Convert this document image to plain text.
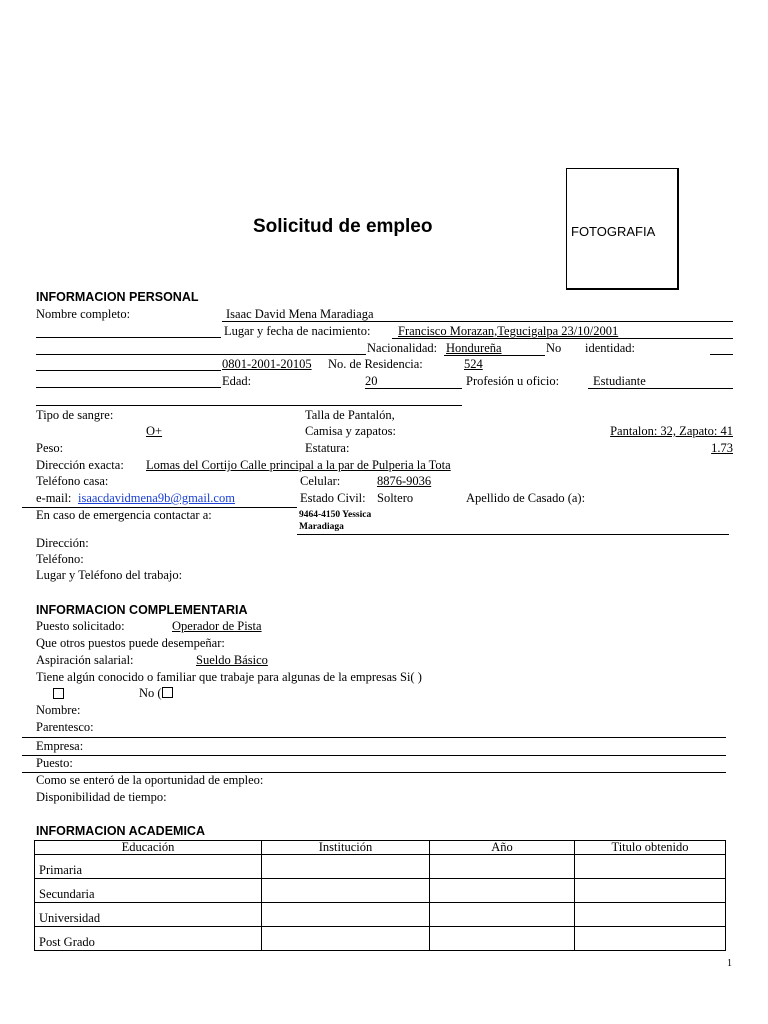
Solicitud de empleo	FOTOGRAFIA
INFORMACION PERSONAL
Nombre completo:	Isaac David Mena Maradiaga
Lugar y fecha de nacimiento: Francisco Morazan,Tegucigalpa 23/10/2001
Nacionalidad: Hondureña	No identidad:
0801-2001-20105 No. de Residencia:	524
Edad:	20	Profesión u oficio:	Estudiante
Tipo de sangre:	Talla de Pantalón,
O+	Camisa y zapatos:	Pantalon: 32, Zapato: 41
Peso:	Estatura:	1.73
Dirección exacta: Lomas del Cortijo Calle principal a la par de Pulperia la Tota
Teléfono casa:	Celular:	8876-9036
e-mail: isaacdavidmena9b@gmail.com	Estado Civil: Soltero	Apellido de Casado (a):
En caso de emergencia contactar a:	9464-4150 Yessica
Maradiaga
Dirección:
Teléfono:
Lugar y Teléfono del trabajo:
INFORMACION COMPLEMENTARIA
Puesto solicitado:	Operador de Pista
Que otros puestos puede desempeñar:
Aspiración salarial:	Sueldo Básico
Tiene algún conocido o familiar que trabaje para algunas de la empresas Si( )
No (
Nombre:
Parentesco:
Empresa:
Puesto:
Como se enteró de la oportunidad de empleo:
Disponibilidad de tiempo:
INFORMACION ACADEMICA
Educación	Institución	Año	Titulo obtenido
Primaria			
Secundaria			
Universidad			
Post Grado			
1
